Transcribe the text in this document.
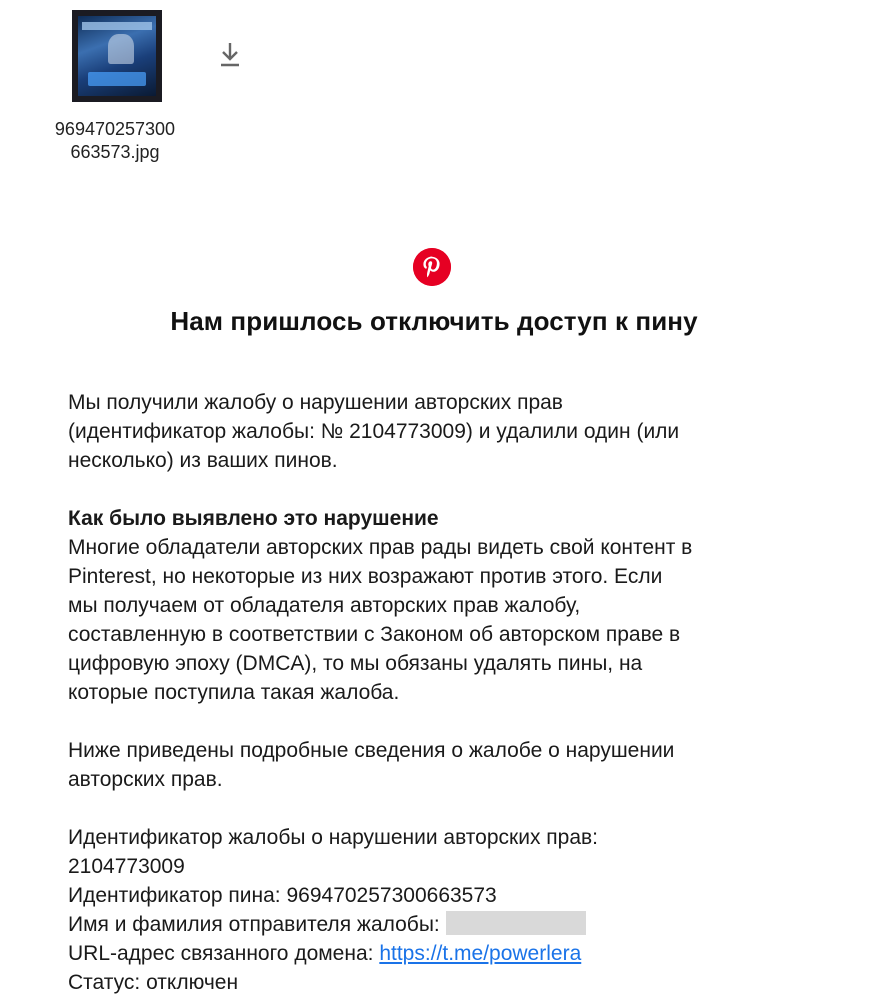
969470257300
663573.jpg
Нам пришлось отключить доступ к пину

Мы получили жалобу о нарушении авторских прав
(идентификатор жалобы: № 2104773009) и удалили один (или
несколько) из ваших пинов.

Как было выявлено это нарушение
Многие обладатели авторских прав рады видеть свой контент в
Pinterest, но некоторые из них возражают против этого. Если
мы получаем от обладателя авторских прав жалобу,
составленную в соответствии с Законом об авторском праве в
цифровую эпоху (DMCA), то мы обязаны удалять пины, на
которые поступила такая жалоба.

Ниже приведены подробные сведения о жалобе о нарушении
авторских прав.

Идентификатор жалобы о нарушении авторских прав:
2104773009
Идентификатор пина: 969470257300663573
Имя и фамилия отправителя жалобы:
URL-адрес связанного домена: https://t.me/powerlera
Статус: отключен
